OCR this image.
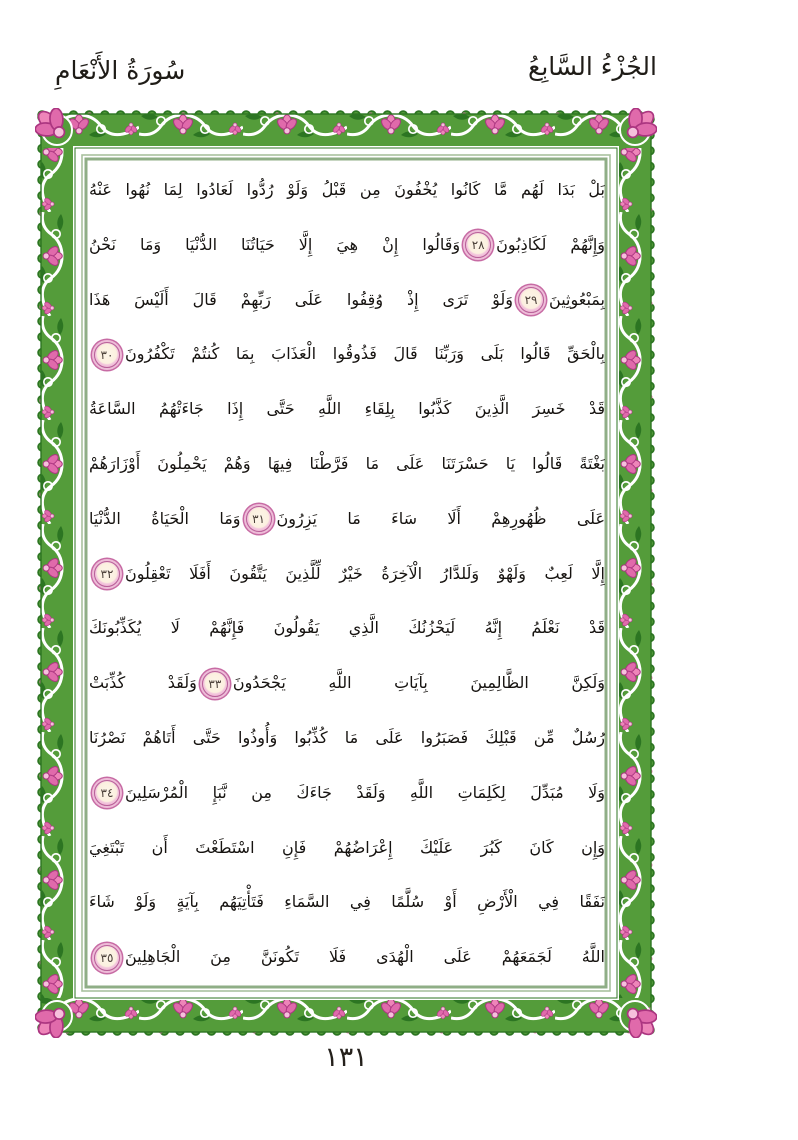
الجُزْءُ السَّابِعُ
سُورَةُ الأَنْعَامِ
بَلْ بَدَا لَهُم مَّا كَانُوا يُخْفُونَ مِن قَبْلُ وَلَوْ رُدُّوا لَعَادُوا لِمَا نُهُوا عَنْهُ
وَإِنَّهُمْ لَكَاذِبُونَ٢٨وَقَالُوا إِنْ هِيَ إِلَّا حَيَاتُنَا الدُّنْيَا وَمَا نَحْنُ
بِمَبْعُوثِينَ٢٩وَلَوْ تَرَى إِذْ وُقِفُوا عَلَى رَبِّهِمْ قَالَ أَلَيْسَ هَذَا
بِالْحَقِّ قَالُوا بَلَى وَرَبِّنَا قَالَ فَذُوقُوا الْعَذَابَ بِمَا كُنتُمْ تَكْفُرُونَ٣٠
قَدْ خَسِرَ الَّذِينَ كَذَّبُوا بِلِقَاءِ اللَّهِ حَتَّى إِذَا جَاءَتْهُمُ السَّاعَةُ
بَغْتَةً قَالُوا يَا حَسْرَتَنَا عَلَى مَا فَرَّطْنَا فِيهَا وَهُمْ يَحْمِلُونَ أَوْزَارَهُمْ
عَلَى ظُهُورِهِمْ أَلَا سَاءَ مَا يَزِرُونَ٣١وَمَا الْحَيَاةُ الدُّنْيَا
إِلَّا لَعِبٌ وَلَهْوٌ وَلَلدَّارُ الْآخِرَةُ خَيْرٌ لِّلَّذِينَ يَتَّقُونَ أَفَلَا تَعْقِلُونَ٣٢
قَدْ نَعْلَمُ إِنَّهُ لَيَحْزُنُكَ الَّذِي يَقُولُونَ فَإِنَّهُمْ لَا يُكَذِّبُونَكَ
وَلَكِنَّ الظَّالِمِينَ بِآيَاتِ اللَّهِ يَجْحَدُونَ٣٣وَلَقَدْ كُذِّبَتْ
رُسُلٌ مِّن قَبْلِكَ فَصَبَرُوا عَلَى مَا كُذِّبُوا وَأُوذُوا حَتَّى أَتَاهُمْ نَصْرُنَا
وَلَا مُبَدِّلَ لِكَلِمَاتِ اللَّهِ وَلَقَدْ جَاءَكَ مِن نَّبَإِ الْمُرْسَلِينَ٣٤
وَإِن كَانَ كَبُرَ عَلَيْكَ إِعْرَاضُهُمْ فَإِنِ اسْتَطَعْتَ أَن تَبْتَغِيَ
نَفَقًا فِي الْأَرْضِ أَوْ سُلَّمًا فِي السَّمَاءِ فَتَأْتِيَهُم بِآيَةٍ وَلَوْ شَاءَ
اللَّهُ لَجَمَعَهُمْ عَلَى الْهُدَى فَلَا تَكُونَنَّ مِنَ الْجَاهِلِينَ٣٥
١٣١
